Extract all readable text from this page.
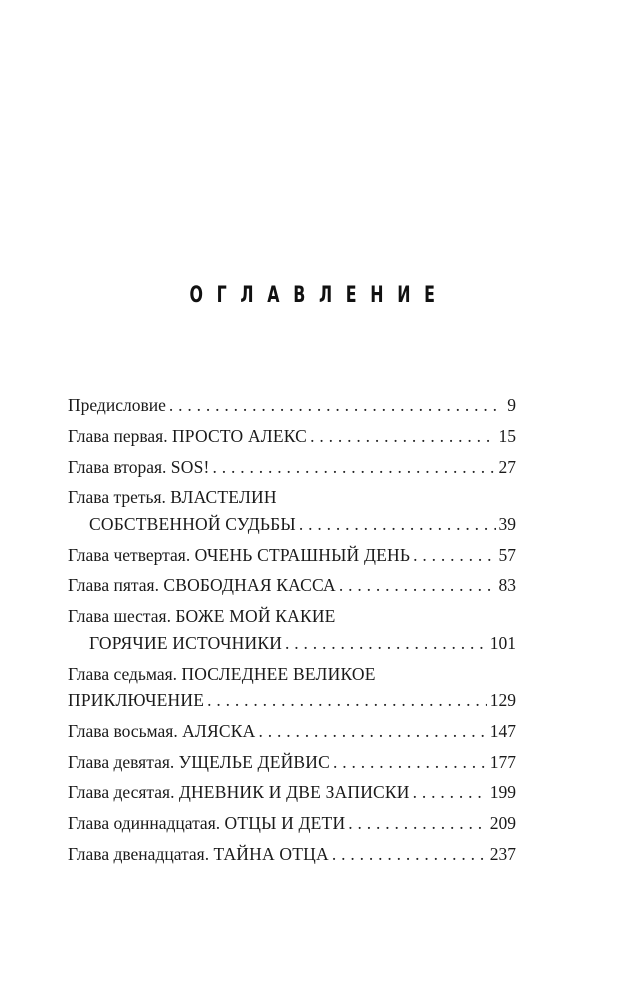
ОГЛАВЛЕНИЕ
Предисловие . . .	9
Глава первая. ПРОСТО АЛЕКС . . .	15
Глава вторая. SOS! . . .	27
Глава третья. ВЛАСТЕЛИН
СОБСТВЕННОЙ СУДЬБЫ . . .	39
Глава четвертая. ОЧЕНЬ СТРАШНЫЙ ДЕНЬ . . .	57
Глава пятая. СВОБОДНАЯ КАССА . . .	83
Глава шестая. БОЖЕ МОЙ КАКИЕ
ГОРЯЧИЕ ИСТОЧНИКИ . . .	101
Глава седьмая. ПОСЛЕДНЕЕ ВЕЛИКОЕ
ПРИКЛЮЧЕНИЕ . . .	129
Глава восьмая. АЛЯСКА . . .	147
Глава девятая. УЩЕЛЬЕ ДЕЙВИС . . .	177
Глава десятая. ДНЕВНИК И ДВЕ ЗАПИСКИ . . .	199
Глава одиннадцатая. ОТЦЫ И ДЕТИ . . .	209
Глава двенадцатая. ТАЙНА ОТЦА . . .	237
